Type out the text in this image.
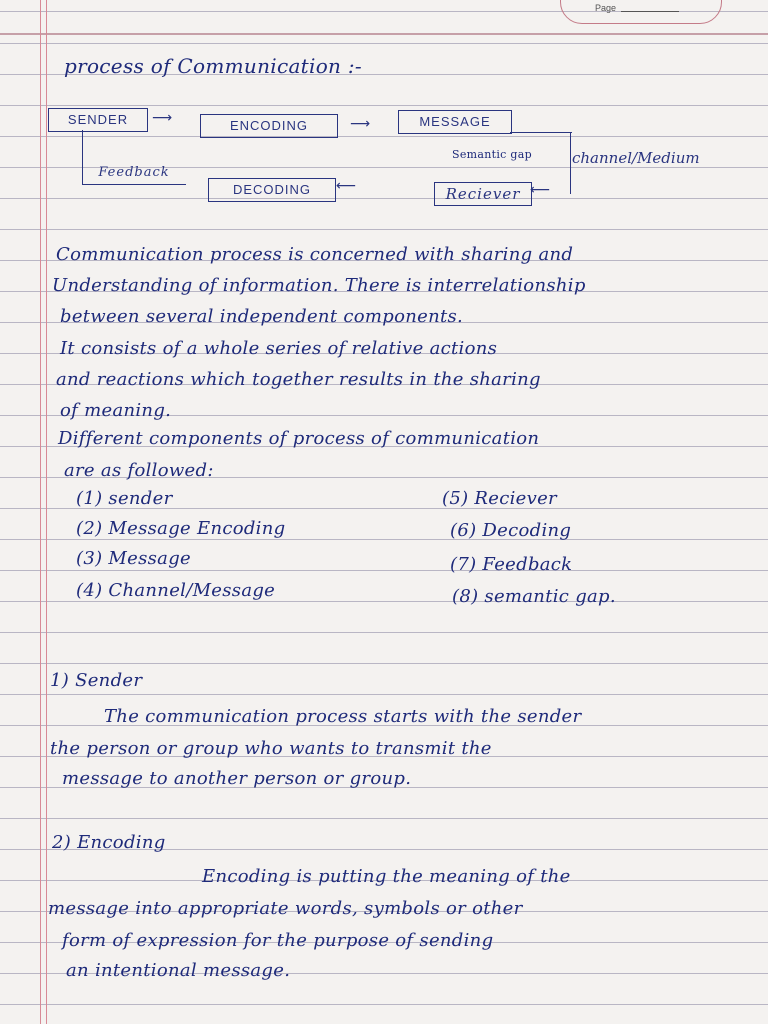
Page
process of Communication :-
SENDER	⟶	ENCODING	⟶	MESSAGE
Semantic gap	channel/Medium
Feedback
DECODING	⟵	Reciever ⟵
Communication process is concerned with sharing and
Understanding of information. There is interrelationship
between several independent components.
It consists of a whole series of relative actions
and reactions which together results in the sharing
of meaning.
Different components of process of communication
are as followed:
(1) sender
(2) Message Encoding
(3) Message
(4) Channel/Message
(5) Reciever
(6) Decoding
(7) Feedback
(8) semantic gap.
1) Sender
The communication process starts with the sender
the person or group who wants to transmit the
message to another person or group.
2) Encoding
Encoding is putting the meaning of the
message into appropriate words, symbols or other
form of expression for the purpose of sending
an intentional message.
